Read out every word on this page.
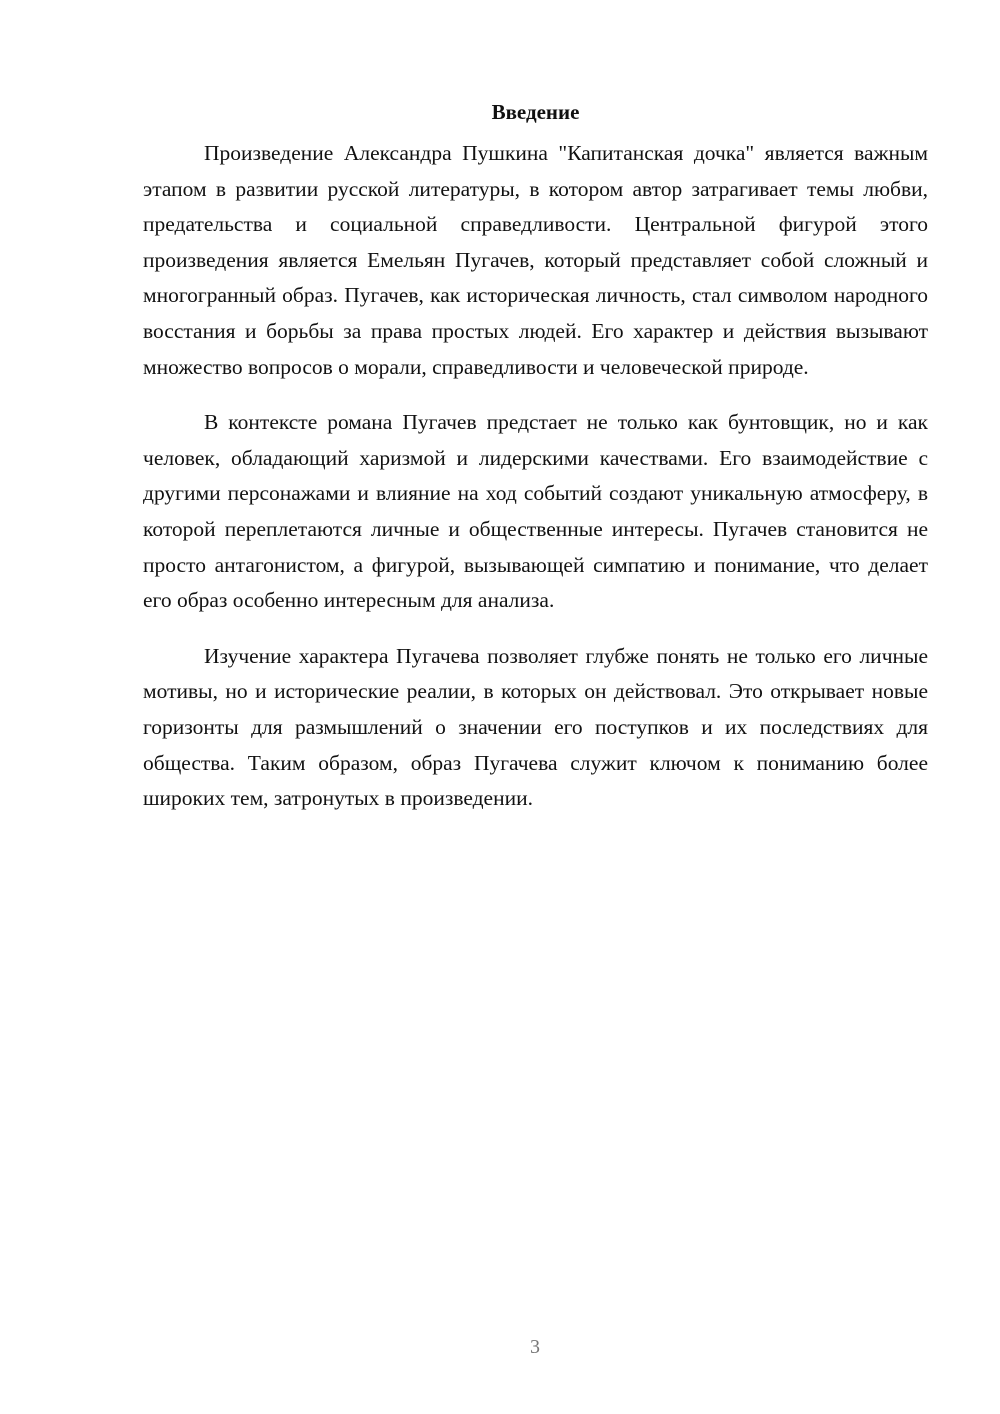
Введение

Произведение Александра Пушкина "Капитанская дочка" является важным этапом в развитии русской литературы, в котором автор затрагивает темы любви, предательства и социальной справедливости. Центральной фигурой этого произведения является Емельян Пугачев, который представляет собой сложный и многогранный образ. Пугачев, как историческая личность, стал символом народного восстания и борьбы за права простых людей. Его характер и действия вызывают множество вопросов о морали, справедливости и человеческой природе.

В контексте романа Пугачев предстает не только как бунтовщик, но и как человек, обладающий харизмой и лидерскими качествами. Его взаимодействие с другими персонажами и влияние на ход событий создают уникальную атмосферу, в которой переплетаются личные и общественные интересы. Пугачев становится не просто антагонистом, а фигурой, вызывающей симпатию и понимание, что делает его образ особенно интересным для анализа.

Изучение характера Пугачева позволяет глубже понять не только его личные мотивы, но и исторические реалии, в которых он действовал. Это открывает новые горизонты для размышлений о значении его поступков и их последствиях для общества. Таким образом, образ Пугачева служит ключом к пониманию более широких тем, затронутых в произведении.

3
